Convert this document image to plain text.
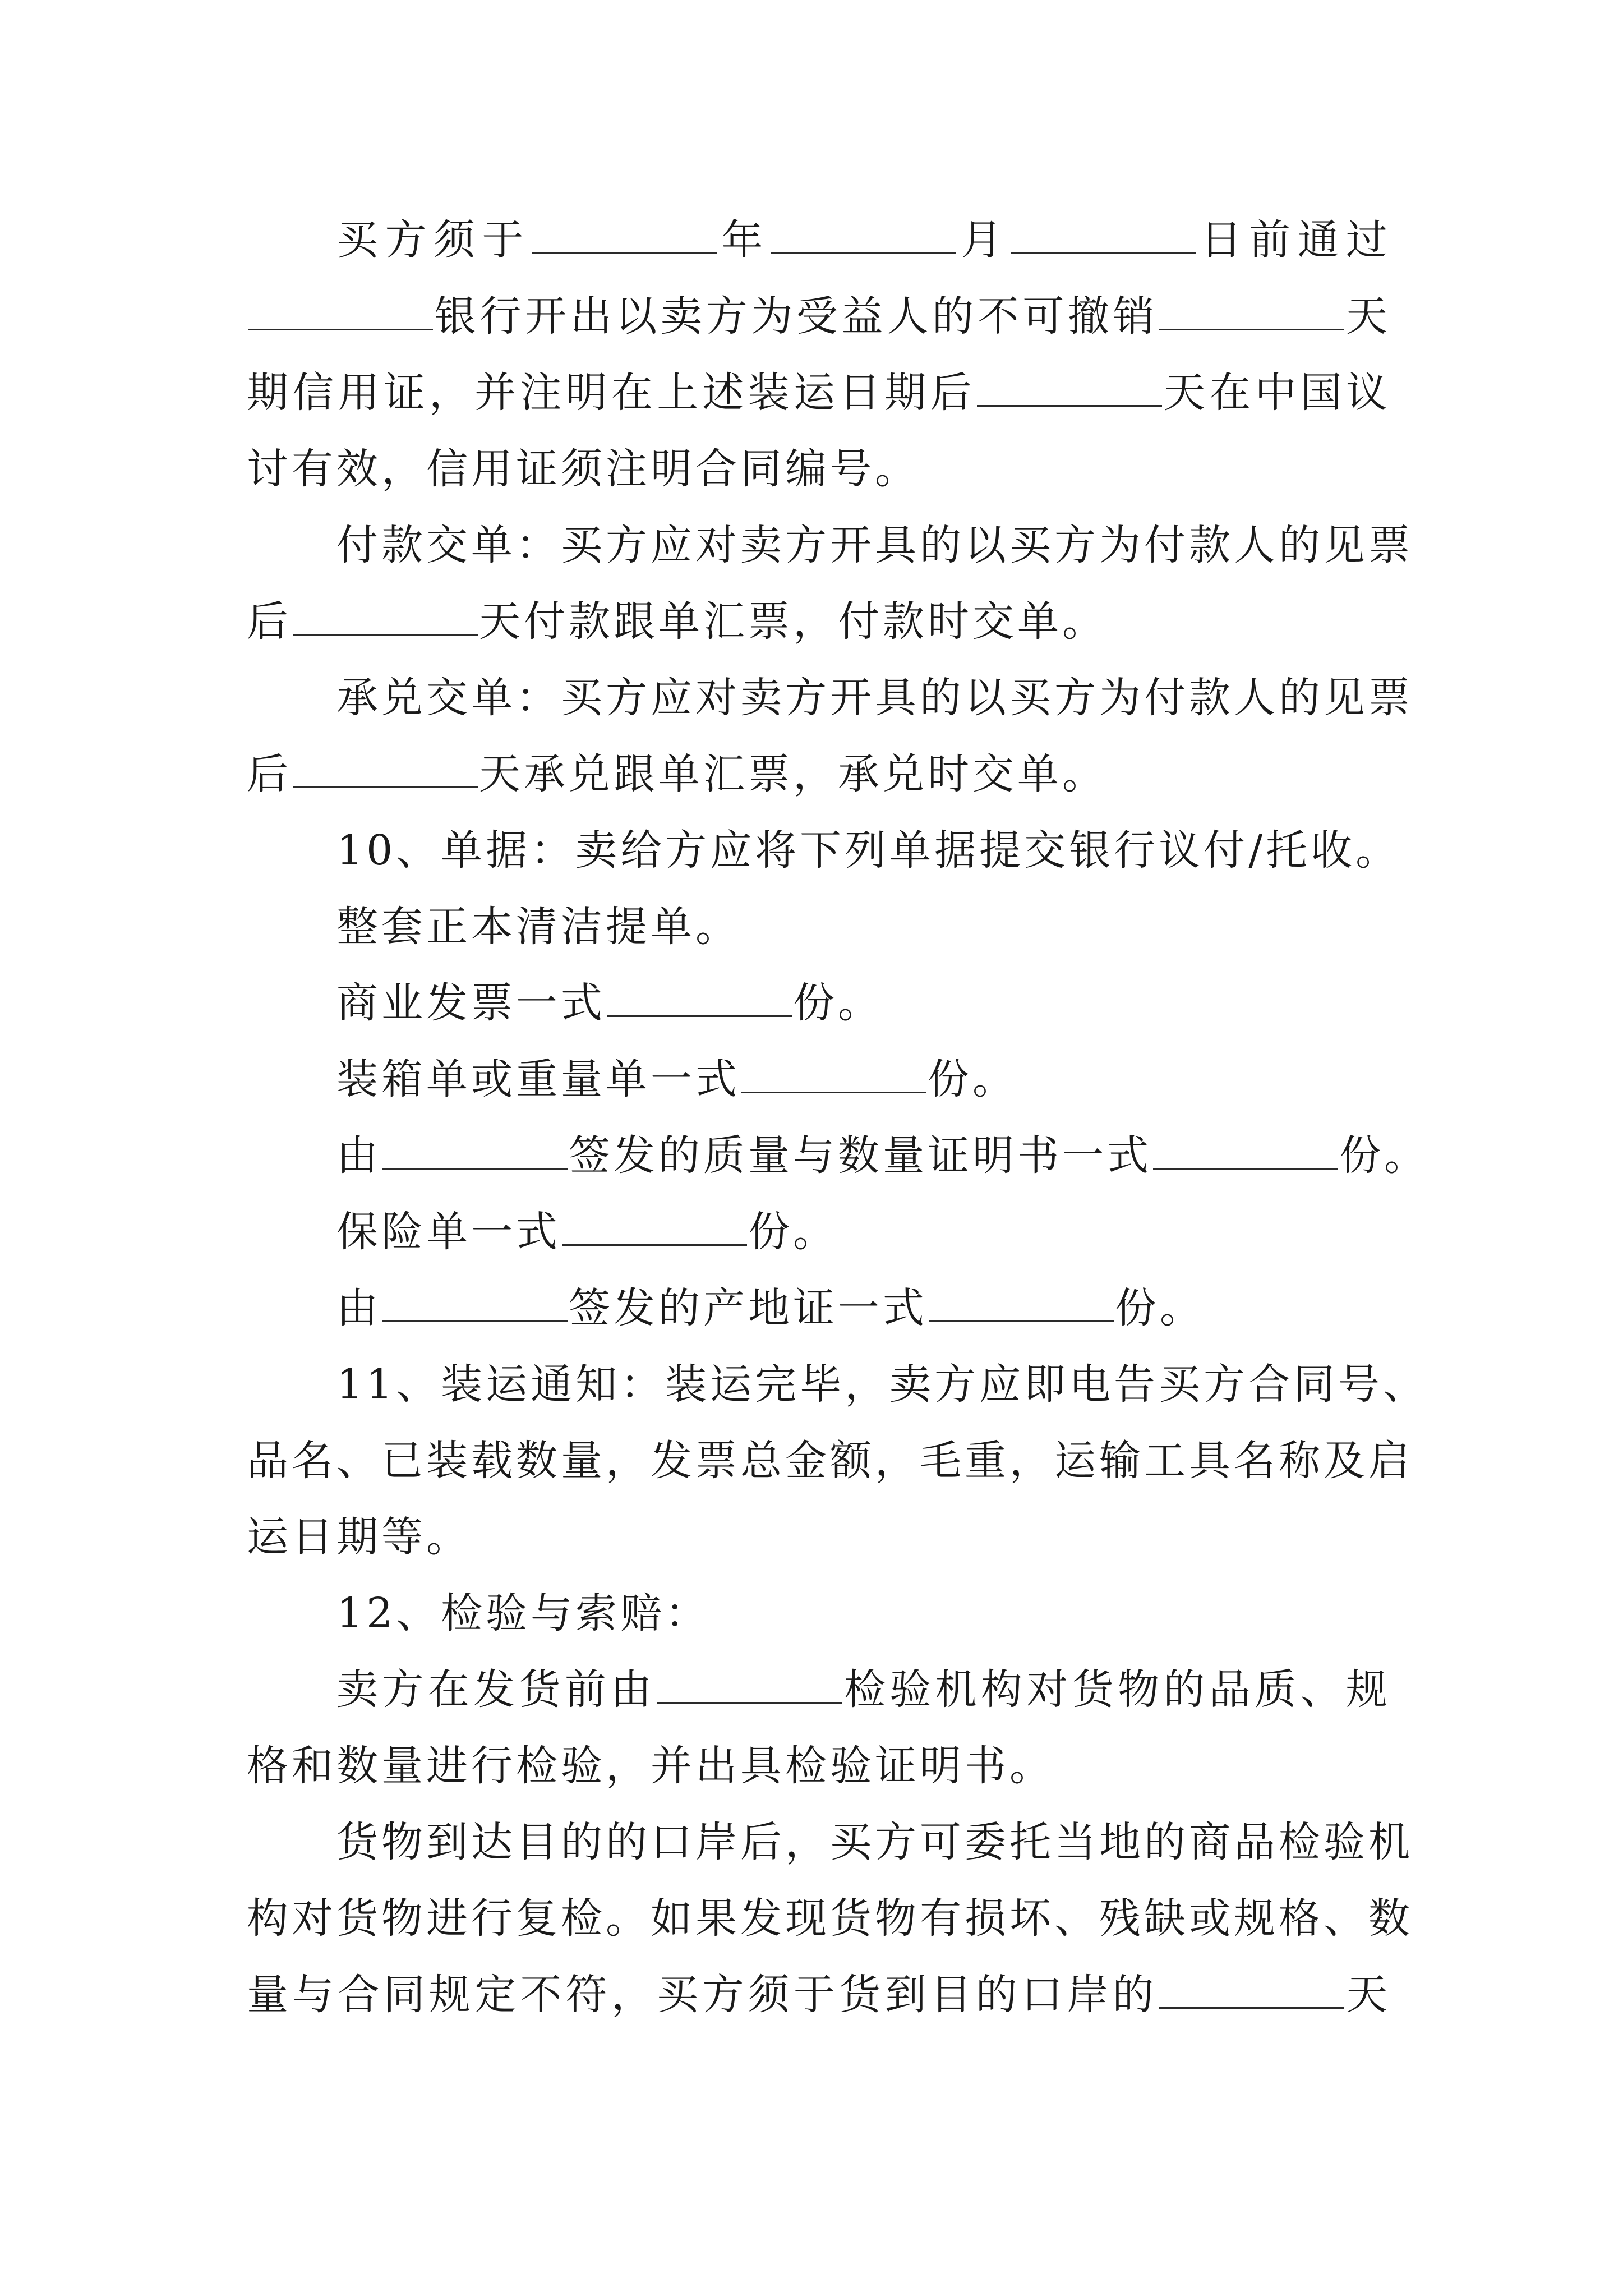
买方须于	年	月	日前通过
银行开出以卖方为受益人的不可撤销	天
期信用证，并注明在上述装运日期后	天在中国议
讨有效，信用证须注明合同编号。
付款交单：买方应对卖方开具的以买方为付款人的见票
后	天付款跟单汇票，付款时交单。
承兑交单：买方应对卖方开具的以买方为付款人的见票
后	天承兑跟单汇票，承兑时交单。
10、单据：卖给方应将下列单据提交银行议付/托收。
整套正本清洁提单。
商业发票一式	份。
装箱单或重量单一式	份。
由	签发的质量与数量证明书一式	份。
保险单一式	份。
由	签发的产地证一式	份。
11、装运通知：装运完毕，卖方应即电告买方合同号、
品名、已装载数量，发票总金额，毛重，运输工具名称及启
运日期等。
12、检验与索赔：
卖方在发货前由	检验机构对货物的品质、规
格和数量进行检验，并出具检验证明书。
货物到达目的的口岸后，买方可委托当地的商品检验机
构对货物进行复检。如果发现货物有损坏、残缺或规格、数
量与合同规定不符，买方须于货到目的口岸的	天
